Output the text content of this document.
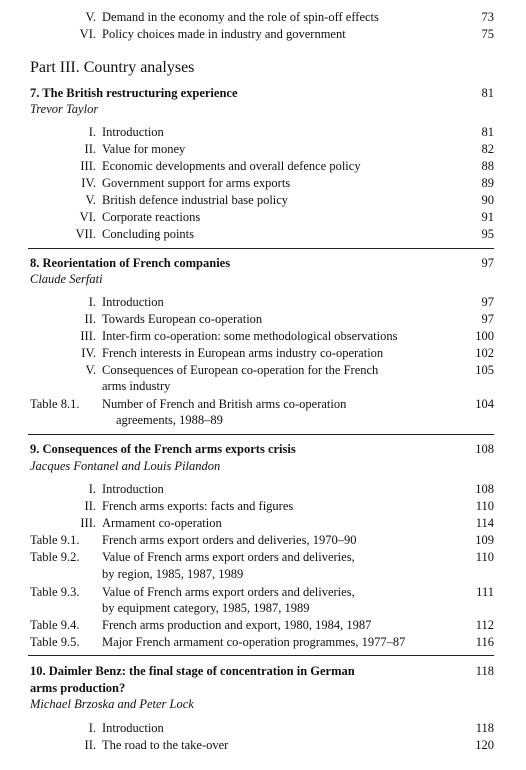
V. Demand in the economy and the role of spin-off effects	73
VI. Policy choices made in industry and government	75
Part III. Country analyses
7. The British restructuring experience	81
Trevor Taylor
I. Introduction	81
II. Value for money	82
III. Economic developments and overall defence policy	88
IV. Government support for arms exports	89
V. British defence industrial base policy	90
VI. Corporate reactions	91
VII. Concluding points	95
8. Reorientation of French companies	97
Claude Serfati
I. Introduction	97
II. Towards European co-operation	97
III. Inter-firm co-operation: some methodological observations	100
IV. French interests in European arms industry co-operation	102
V. Consequences of European co-operation for the French	105
arms industry
Table 8.1. Number of French and British arms co-operation	104
agreements, 1988–89
9. Consequences of the French arms exports crisis	108
Jacques Fontanel and Louis Pilandon
I. Introduction	108
II. French arms exports: facts and figures	110
III. Armament co-operation	114
Table 9.1. French arms export orders and deliveries, 1970–90	109
Table 9.2. Value of French arms export orders and deliveries,	110
by region, 1985, 1987, 1989
Table 9.3. Value of French arms export orders and deliveries,	111
by equipment category, 1985, 1987, 1989
Table 9.4. French arms production and export, 1980, 1984, 1987	112
Table 9.5. Major French armament co-operation programmes, 1977–87	116
10. Daimler Benz: the final stage of concentration in German	118
arms production?
Michael Brzoska and Peter Lock
I. Introduction	118
II. The road to the take-over	120
